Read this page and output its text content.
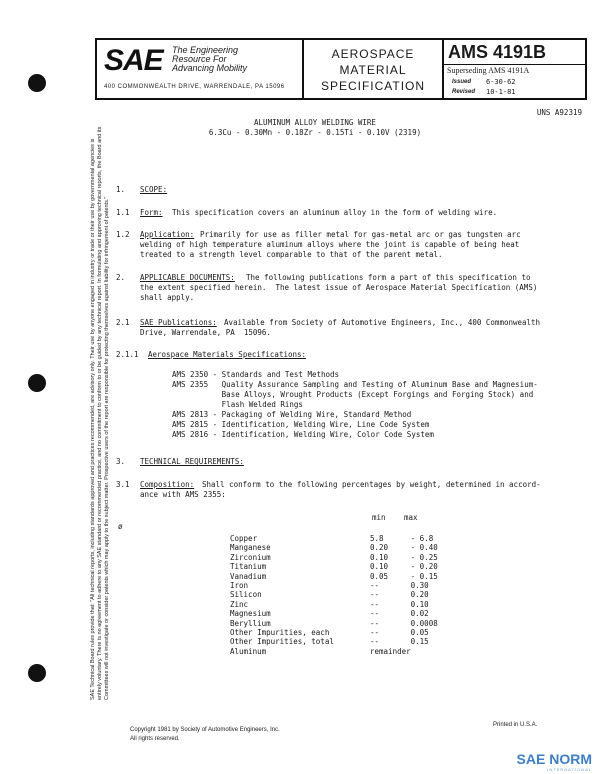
SAE Technical Board rules provide that: "All technical reports, including standards approved and practices recommended, are advisory only. Their use by anyone engaged in industry or trade or their use by governmental agencies is entirely voluntary. There is no agreement to adhere to any SAE standard or recommended practice, and no commitment to conform to or be guided by any technical report. In formulating and approving technical reports, the Board and its Committees will not investigate or consider patents which may apply to the subject matter. Prospective users of the report are responsible for protecting themselves against liability for infringement of patents."
SAE The Engineering
Resource For
Advancing Mobility
400 COMMONWEALTH DRIVE, WARRENDALE, PA 15096
AEROSPACE
MATERIAL
SPECIFICATION
AMS 4191B
Superseding AMS 4191A
Issued 6-30-62
Revised 10-1-81
UNS A92319
ALUMINUM ALLOY WELDING WIRE
6.3Cu - 0.30Mn - 0.18Zr - 0.15Ti - 0.10V (2319)
1. SCOPE:
1.1 Form: This specification covers an aluminum alloy in the form of welding wire.
1.2 Application: Primarily for use as filler metal for gas-metal arc or gas tungsten arc
welding of high temperature aluminum alloys where the joint is capable of being heat
treated to a strength level comparable to that of the parent metal.
2. APPLICABLE DOCUMENTS: The following publications form a part of this specification to
the extent specified herein.  The latest issue of Aerospace Material Specification (AMS)
shall apply.
2.1 SAE Publications: Available from Society of Automotive Engineers, Inc., 400 Commonwealth
Drive, Warrendale, PA  15096.
2.1.1 Aerospace Materials Specifications:
AMS 2350 - Standards and Test Methods
AMS 2355   Quality Assurance Sampling and Testing of Aluminum Base and Magnesium-
Base Alloys, Wrought Products (Except Forgings and Forging Stock) and
Flash Welded Rings
AMS 2813 - Packaging of Welding Wire, Standard Method
AMS 2815 - Identification, Welding Wire, Line Code System
AMS 2816 - Identification, Welding Wire, Color Code System
3. TECHNICAL REQUIREMENTS:
3.1 Composition: Shall conform to the following percentages by weight, determined in accord-
ance with AMS 2355:
ø
min max
Copper	5.8	- 6.8
Manganese	0.20	- 0.40
Zirconium	0.10	- 0.25
Titanium	0.10	- 0.20
Vanadium	0.05	- 0.15
Iron	--	0.30
Silicon	--	0.20
Zinc	--	0.10
Magnesium	--	0.02
Beryllium	--	0.0008
Other Impurities, each	--	0.05
Other Impurities, total	--	0.15
Aluminum	remainder	
Copyright 1981 by Society of Automotive Engineers, Inc.
All rights reserved.
Printed in U.S.A.
SAE NORM
INTERNATIONAL
